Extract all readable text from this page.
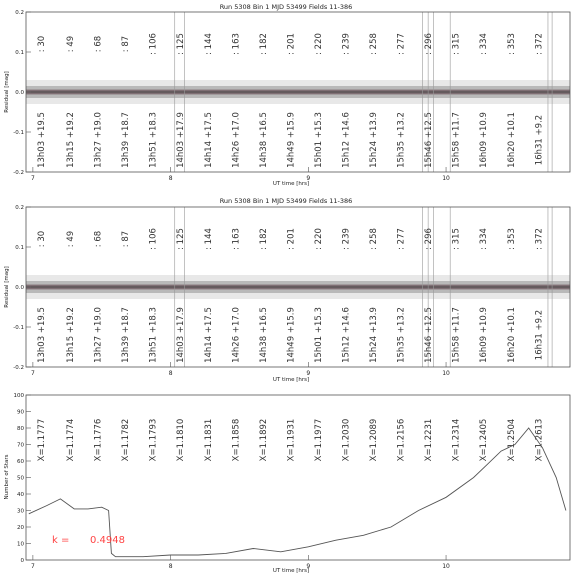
Run 5308 Bin 1 MJD 53499 Fields 11-386
: 30
13h03 +19.5
: 49
13h15 +19.2
: 68
13h27 +19.0
: 87
13h39 +18.7
: 106
13h51 +18.3
: 125
14h03 +17.9
: 144
14h14 +17.5
: 163
14h26 +17.0
: 182
14h38 +16.5
: 201
14h49 +15.9
: 220
15h01 +15.3
: 239
15h12 +14.6
: 258
15h24 +13.9
: 277
15h35 +13.2
: 296
15h46 +12.5
: 315
15h58 +11.7
: 334
16h09 +10.9
: 353
16h20 +10.1
: 372
16h31 +9.2
-0.2
-0.1
0.0
0.1
0.2
7	8	9	10
Residual [mag]
UT time [hrs]
Run 5308 Bin 1 MJD 53499 Fields 11-386
: 30
13h03 +19.5
: 49
13h15 +19.2
: 68
13h27 +19.0
: 87
13h39 +18.7
: 106
13h51 +18.3
: 125
14h03 +17.9
: 144
14h14 +17.5
: 163
14h26 +17.0
: 182
14h38 +16.5
: 201
14h49 +15.9
: 220
15h01 +15.3
: 239
15h12 +14.6
: 258
15h24 +13.9
: 277
15h35 +13.2
: 296
15h46 +12.5
: 315
15h58 +11.7
: 334
16h09 +10.9
: 353
16h20 +10.1
: 372
16h31 +9.2
-0.2
-0.1
0.0
0.1
0.2
7	8	9	10
Residual [mag]
UT time [hrs]
X=1.1777 X=1.1774 X=1.1776 X=1.1782 X=1.1793 X=1.1810 X=1.1831 X=1.1858 X=1.1892 X=1.1931 X=1.1977 X=1.2030 X=1.2089 X=1.2156 X=1.2231 X=1.2314 X=1.2405 X=1.2504 X=1.2613
0
10
20
30
40
50
60
70
80
90
100
7	8	9	10
Number of Stars
UT time [hrs]
k = 0.4948
